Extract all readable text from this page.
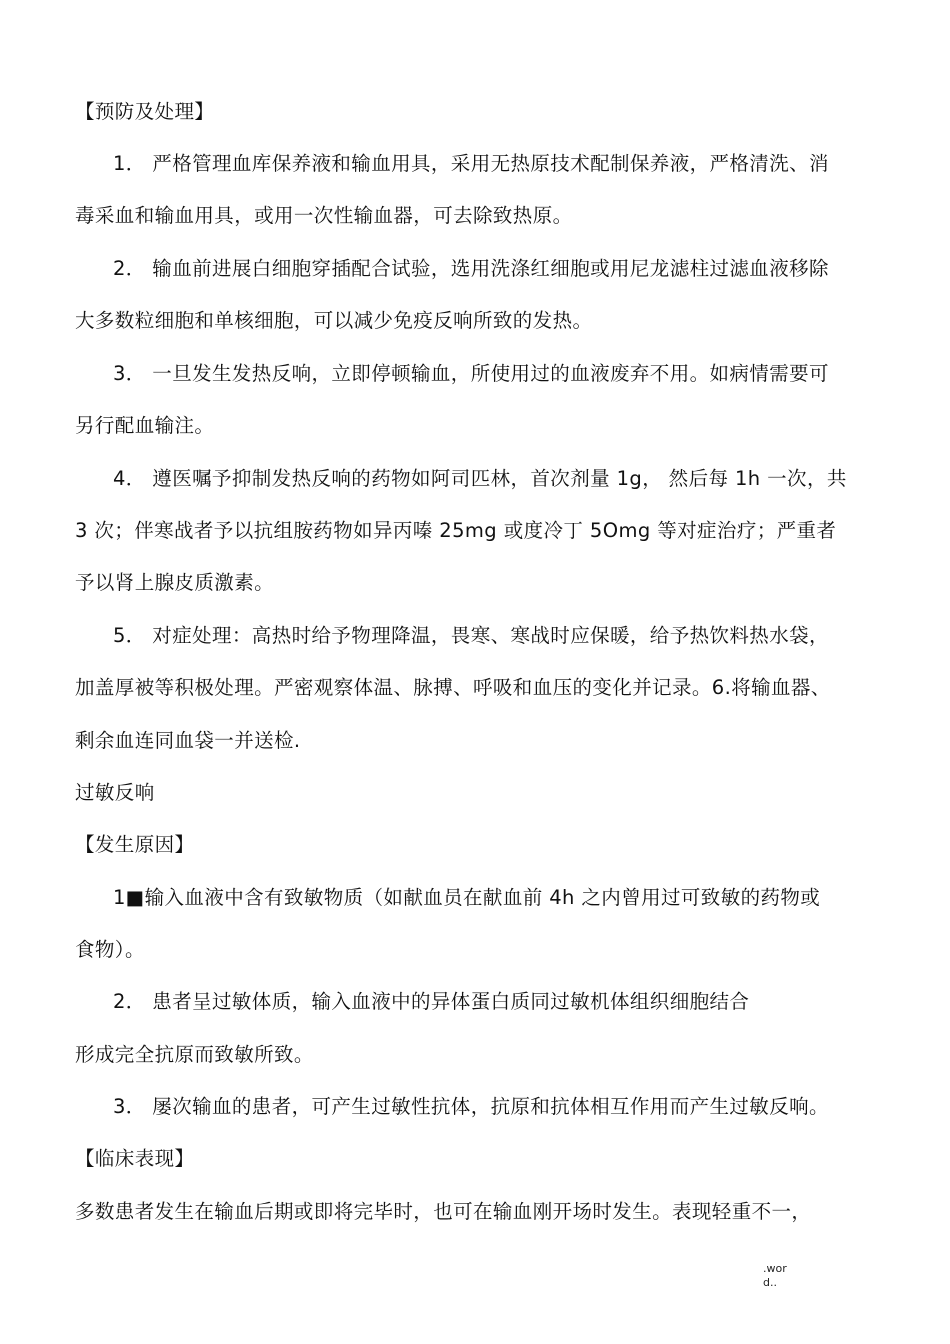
【预防及处理】
1． 严格管理血库保养液和输血用具，采用无热原技术配制保养液，严格清洗、消
毒采血和输血用具，或用一次性输血器，可去除致热原。
2． 输血前进展白细胞穿插配合试验，选用洗涤红细胞或用尼龙滤柱过滤血液移除
大多数粒细胞和单核细胞，可以减少免疫反响所致的发热。
3． 一旦发生发热反响，立即停顿输血，所使用过的血液废弃不用。如病情需要可
另行配血输注。
4． 遵医嘱予抑制发热反响的药物如阿司匹林，首次剂量 1g， 然后每 1h 一次，共
3 次；伴寒战者予以抗组胺药物如异丙嗪 25mg 或度冷丁 5Omg 等对症治疗；严重者
予以肾上腺皮质激素。
5． 对症处理：高热时给予物理降温，畏寒、寒战时应保暖，给予热饮料热水袋，
加盖厚被等积极处理。严密观察体温、脉搏、呼吸和血压的变化并记录。6.将输血器、
剩余血连同血袋一并送检.
过敏反响
【发生原因】
1■输入血液中含有致敏物质（如献血员在献血前 4h 之内曾用过可致敏的药物或
食物）。
2． 患者呈过敏体质，输入血液中的异体蛋白质同过敏机体组织细胞结合
形成完全抗原而致敏所致。
3． 屡次输血的患者，可产生过敏性抗体，抗原和抗体相互作用而产生过敏反响。
【临床表现】
多数患者发生在输血后期或即将完毕时，也可在输血刚开场时发生。表现轻重不一，
.wor
d..
